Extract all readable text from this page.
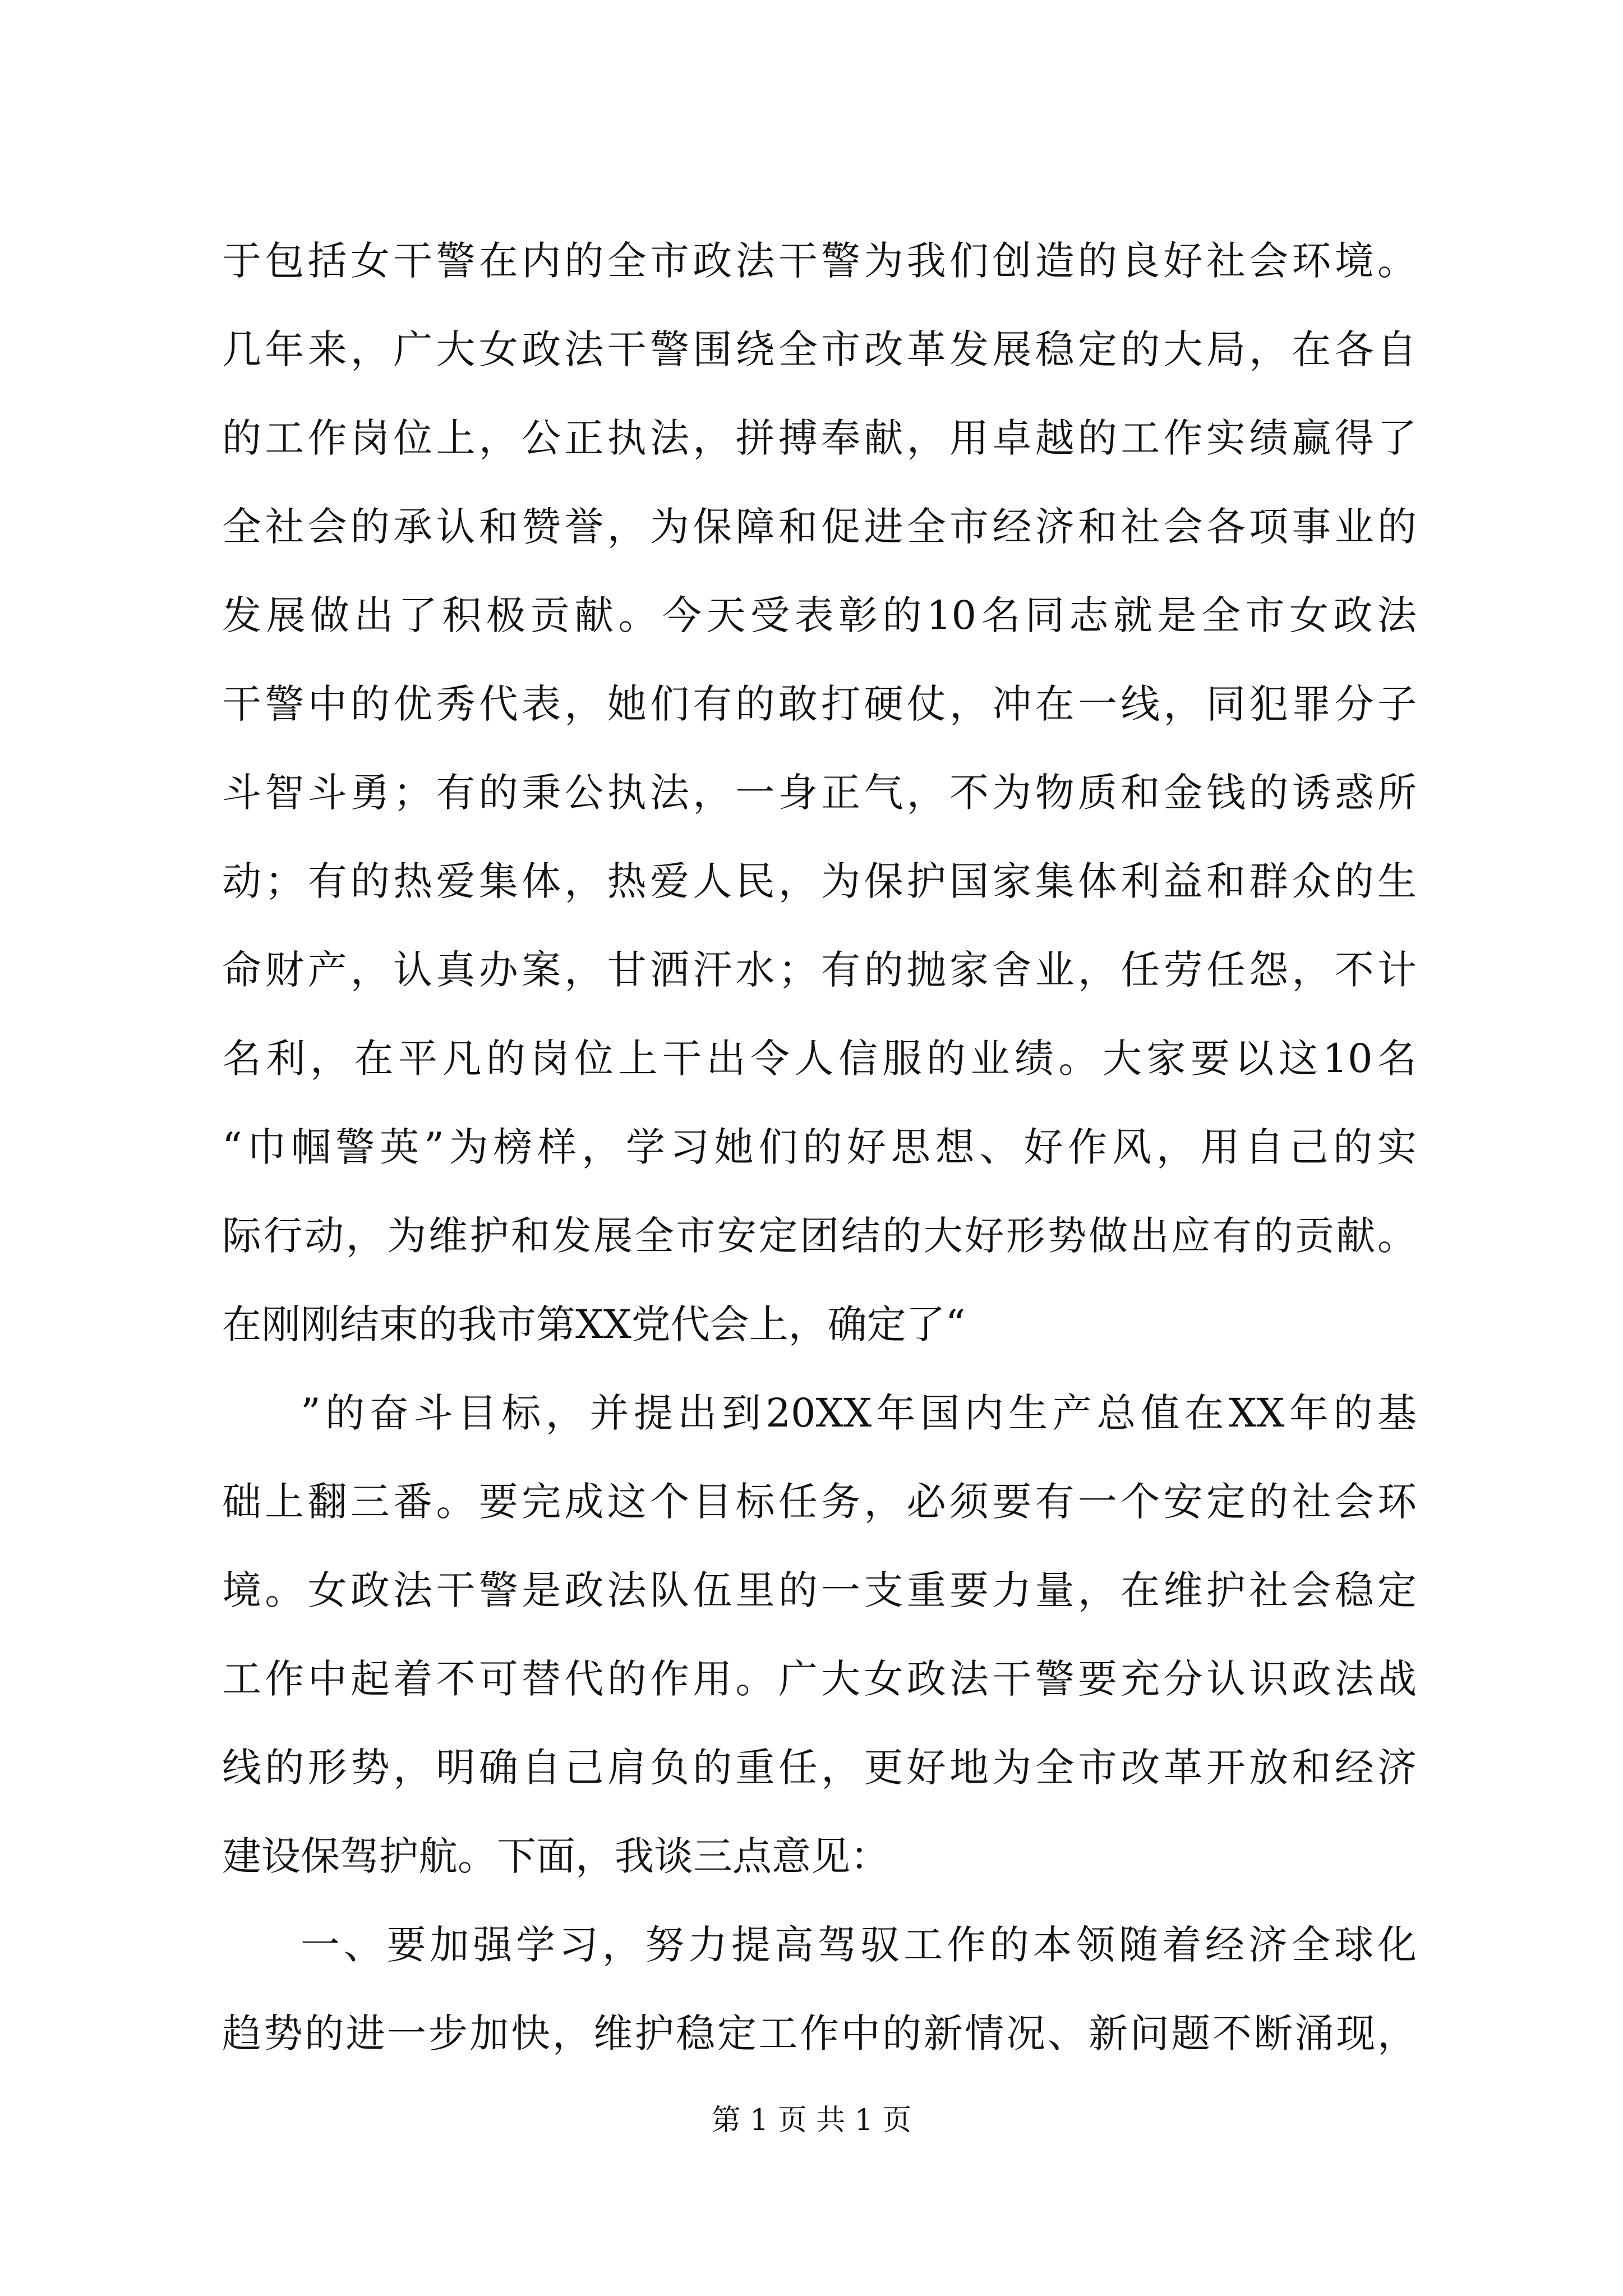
于包括女干警在内的全市政法干警为我们创造的良好社会环境。
几年来，广大女政法干警围绕全市改革发展稳定的大局，在各自
的工作岗位上，公正执法，拼搏奉献，用卓越的工作实绩赢得了
全社会的承认和赞誉，为保障和促进全市经济和社会各项事业的
发展做出了积极贡献。今天受表彰的10名同志就是全市女政法
干警中的优秀代表，她们有的敢打硬仗，冲在一线，同犯罪分子
斗智斗勇；有的秉公执法，一身正气，不为物质和金钱的诱惑所
动；有的热爱集体，热爱人民，为保护国家集体利益和群众的生
命财产，认真办案，甘洒汗水；有的抛家舍业，任劳任怨，不计
名利，在平凡的岗位上干出令人信服的业绩。大家要以这10名
“巾帼警英”为榜样，学习她们的好思想、好作风，用自己的实
际行动，为维护和发展全市安定团结的大好形势做出应有的贡献。
在刚刚结束的我市第XX党代会上，确定了“
”的奋斗目标，并提出到20XX年国内生产总值在XX年的基
础上翻三番。要完成这个目标任务，必须要有一个安定的社会环
境。女政法干警是政法队伍里的一支重要力量，在维护社会稳定
工作中起着不可替代的作用。广大女政法干警要充分认识政法战
线的形势，明确自己肩负的重任，更好地为全市改革开放和经济
建设保驾护航。下面，我谈三点意见：
一、要加强学习，努力提高驾驭工作的本领随着经济全球化
趋势的进一步加快，维护稳定工作中的新情况、新问题不断涌现，
第 1 页 共 1 页
